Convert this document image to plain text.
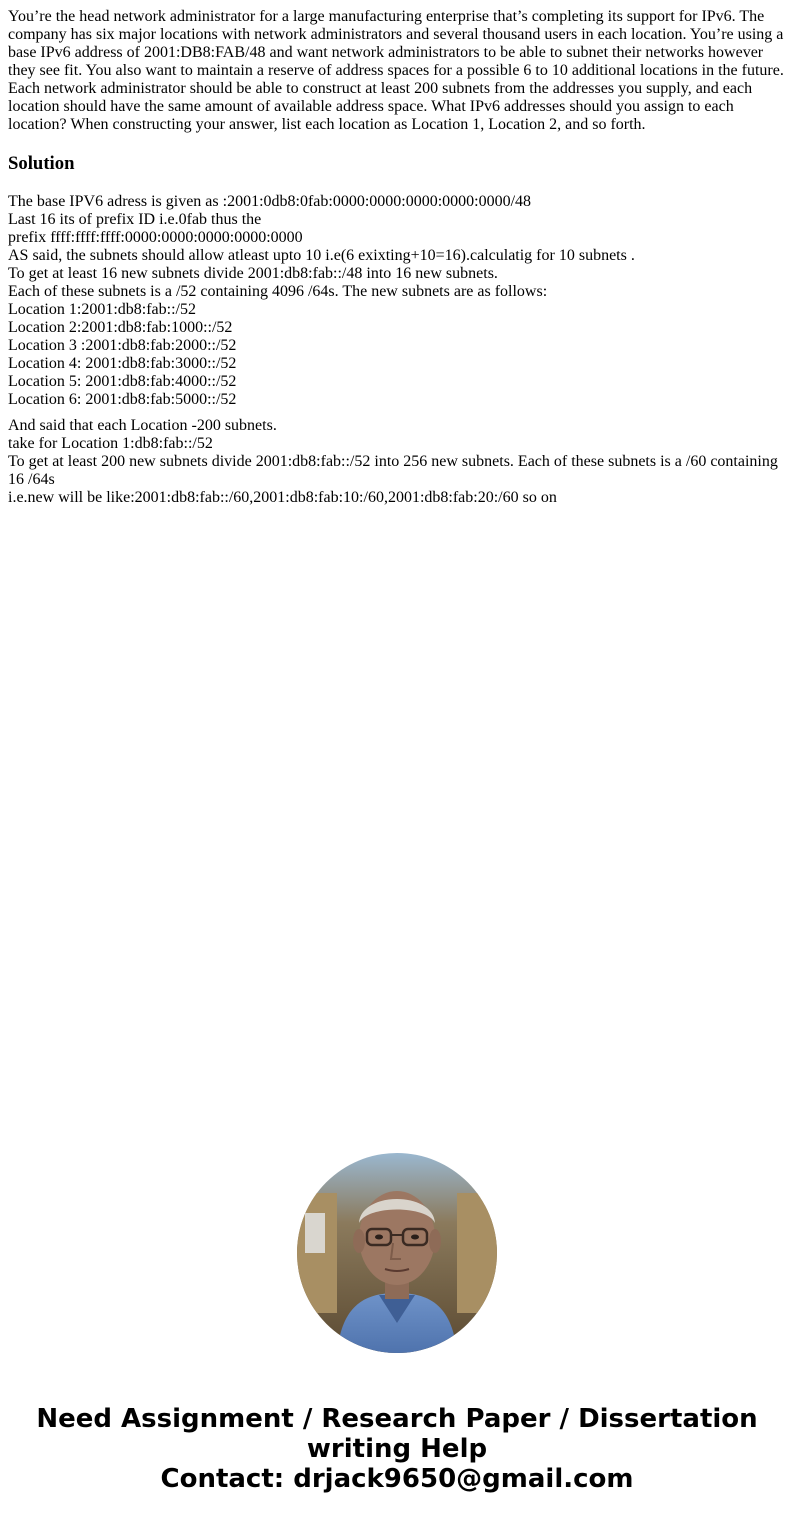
You’re the head network administrator for a large manufacturing enterprise that’s completing its support for IPv6. The company has six major locations with network administrators and several thousand users in each location. You’re using a base IPv6 address of 2001:DB8:FAB/48 and want network administrators to be able to subnet their networks however they see fit. You also want to maintain a reserve of address spaces for a possible 6 to 10 additional locations in the future. Each network administrator should be able to construct at least 200 subnets from the addresses you supply, and each location should have the same amount of available address space. What IPv6 addresses should you assign to each location? When constructing your answer, list each location as Location 1, Location 2, and so forth.

Solution
The base IPV6 adress is given as :2001:0db8:0fab:0000:0000:0000:0000:0000/48
Last 16 its of prefix ID i.e.0fab thus the
prefix ffff:ffff:ffff:0000:0000:0000:0000:0000
AS said, the subnets should allow atleast upto 10 i.e(6 exixting+10=16).calculatig for 10 subnets .
To get at least 16 new subnets divide 2001:db8:fab::/48 into 16 new subnets.
Each of these subnets is a /52 containing 4096 /64s. The new subnets are as follows:
Location 1:2001:db8:fab::/52
Location 2:2001:db8:fab:1000::/52
Location 3 :2001:db8:fab:2000::/52
Location 4: 2001:db8:fab:3000::/52
Location 5: 2001:db8:fab:4000::/52
Location 6: 2001:db8:fab:5000::/52
And said that each Location -200 subnets.
take for Location 1:db8:fab::/52
To get at least 200 new subnets divide 2001:db8:fab::/52 into 256 new subnets. Each of these subnets is a /60 containing 16 /64s
i.e.new will be like:2001:db8:fab::/60,2001:db8:fab:10:/60,2001:db8:fab:20:/60 so on
Need Assignment / Research Paper / Dissertation
writing Help
Contact: drjack9650@gmail.com
